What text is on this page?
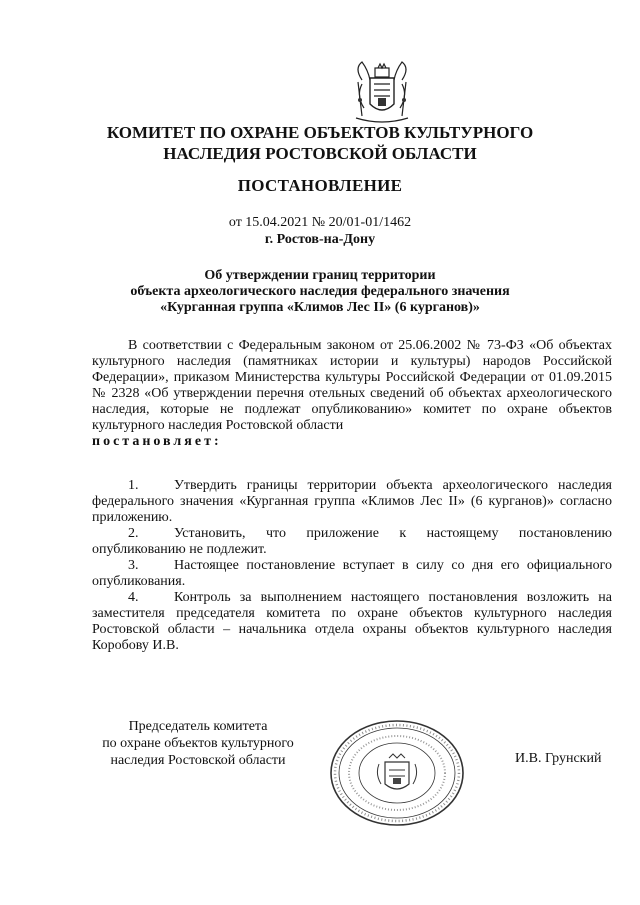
КОМИТЕТ ПО ОХРАНЕ ОБЪЕКТОВ КУЛЬТУРНОГО
НАСЛЕДИЯ РОСТОВСКОЙ ОБЛАСТИ
ПОСТАНОВЛЕНИЕ
от 15.04.2021 № 20/01-01/1462
г. Ростов-на-Дону
Об утверждении границ территории
объекта археологического наследия федерального значения
«Курганная группа «Климов Лес II» (6 курганов)»
В соответствии с Федеральным законом от 25.06.2002 № 73-ФЗ «Об объектах культурного наследия (памятниках истории и культуры) народов Российской Федерации», приказом Министерства культуры Российской Федерации от 01.09.2015 № 2328 «Об утверждении перечня отельных сведений об объектах археологического наследия, которые не подлежат опубликованию» комитет по охране объектов культурного наследия Ростовской области
постановляет:
1.	Утвердить границы территории объекта археологического наследия федерального значения «Курганная группа «Климов Лес II» (6 курганов)» согласно приложению.
2.	Установить, что приложение к настоящему постановлению опубликованию не подлежит.
3.	Настоящее постановление вступает в силу со дня его официального опубликования.
4.	Контроль за выполнением настоящего постановления возложить на заместителя председателя комитета по охране объектов культурного наследия Ростовской области – начальника отдела охраны объектов культурного наследия Коробову И.В.
Председатель комитета
по охране объектов культурного
наследия Ростовской области	И.В. Грунский
